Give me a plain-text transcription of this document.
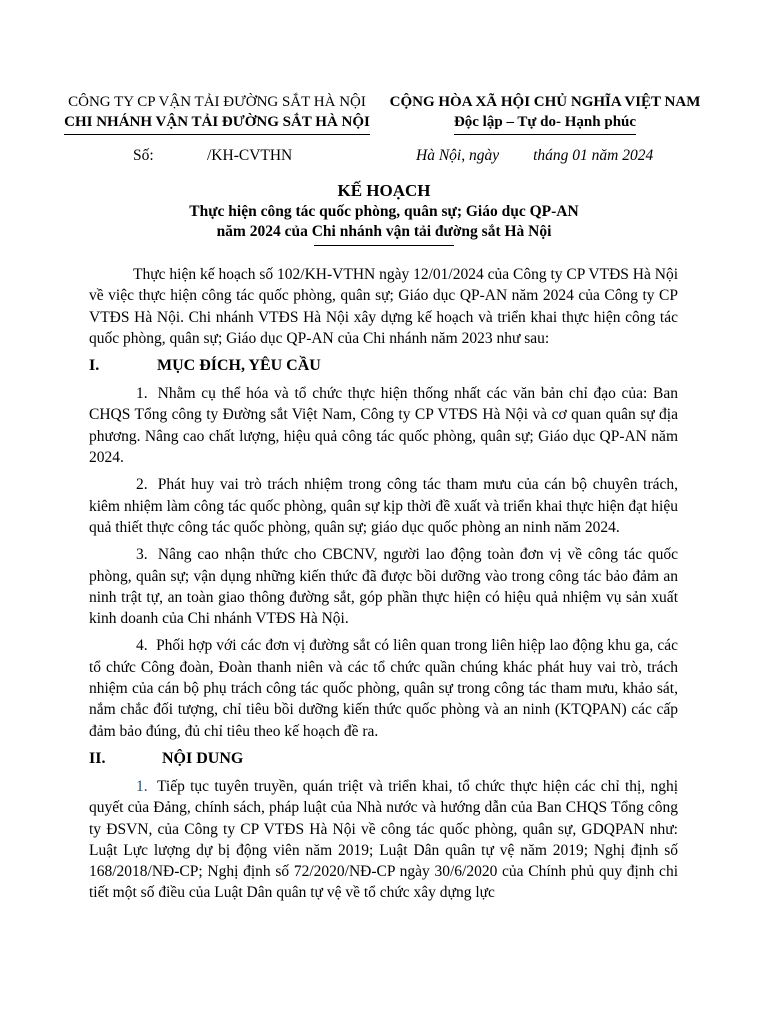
CÔNG TY CP VẬN TẢI ĐƯỜNG SẮT HÀ NỘI
CHI NHÁNH VẬN TẢI ĐƯỜNG SẮT HÀ NỘI
CỘNG HÒA XÃ HỘI CHỦ NGHĨA VIỆT NAM
Độc lập – Tự do- Hạnh phúc
Số:	/KH-CVTHN	Hà Nội, ngày tháng 01 năm 2024
KẾ HOẠCH
Thực hiện công tác quốc phòng, quân sự; Giáo dục QP-AN
năm 2024 của Chi nhánh vận tải đường sắt Hà Nội

Thực hiện kế hoạch số 102/KH-VTHN ngày 12/01/2024 của Công ty CP VTĐS Hà Nội về việc thực hiện công tác quốc phòng, quân sự; Giáo dục QP-AN năm 2024 của Công ty CP VTĐS Hà Nội. Chi nhánh VTĐS Hà Nội xây dựng kế hoạch và triển khai thực hiện công tác quốc phòng, quân sự; Giáo dục QP-AN của Chi nhánh năm 2023 như sau:

I.	MỤC ĐÍCH, YÊU CẦU

1. Nhằm cụ thể hóa và tổ chức thực hiện thống nhất các văn bản chỉ đạo của: Ban CHQS Tổng công ty Đường sắt Việt Nam, Công ty CP VTĐS Hà Nội và cơ quan quân sự địa phương. Nâng cao chất lượng, hiệu quả công tác quốc phòng, quân sự; Giáo dục QP-AN năm 2024.

2. Phát huy vai trò trách nhiệm trong công tác tham mưu của cán bộ chuyên trách, kiêm nhiệm làm công tác quốc phòng, quân sự kịp thời đề xuất và triển khai thực hiện đạt hiệu quả thiết thực công tác quốc phòng, quân sự; giáo dục quốc phòng an ninh năm 2024.

3. Nâng cao nhận thức cho CBCNV, người lao động toàn đơn vị về công tác quốc phòng, quân sự; vận dụng những kiến thức đã được bồi dưỡng vào trong công tác bảo đảm an ninh trật tự, an toàn giao thông đường sắt, góp phần thực hiện có hiệu quả nhiệm vụ sản xuất kinh doanh của Chi nhánh VTĐS Hà Nội.

4. Phối hợp với các đơn vị đường sắt có liên quan trong liên hiệp lao động khu ga, các tổ chức Công đoàn, Đoàn thanh niên và các tổ chức quần chúng khác phát huy vai trò, trách nhiệm của cán bộ phụ trách công tác quốc phòng, quân sự trong công tác tham mưu, khảo sát, nắm chắc đối tượng, chỉ tiêu bồi dưỡng kiến thức quốc phòng và an ninh (KTQPAN) các cấp đảm bảo đúng, đủ chỉ tiêu theo kế hoạch đề ra.

II.	NỘI DUNG

1. Tiếp tục tuyên truyền, quán triệt và triển khai, tổ chức thực hiện các chỉ thị, nghị quyết của Đảng, chính sách, pháp luật của Nhà nước và hướng dẫn của Ban CHQS Tổng công ty ĐSVN, của Công ty CP VTĐS Hà Nội về công tác quốc phòng, quân sự, GDQPAN như: Luật Lực lượng dự bị động viên năm 2019; Luật Dân quân tự vệ năm 2019; Nghị định số 168/2018/NĐ-CP; Nghị định số 72/2020/NĐ-CP ngày 30/6/2020 của Chính phủ quy định chi tiết một số điều của Luật Dân quân tự vệ về tổ chức xây dựng lực
